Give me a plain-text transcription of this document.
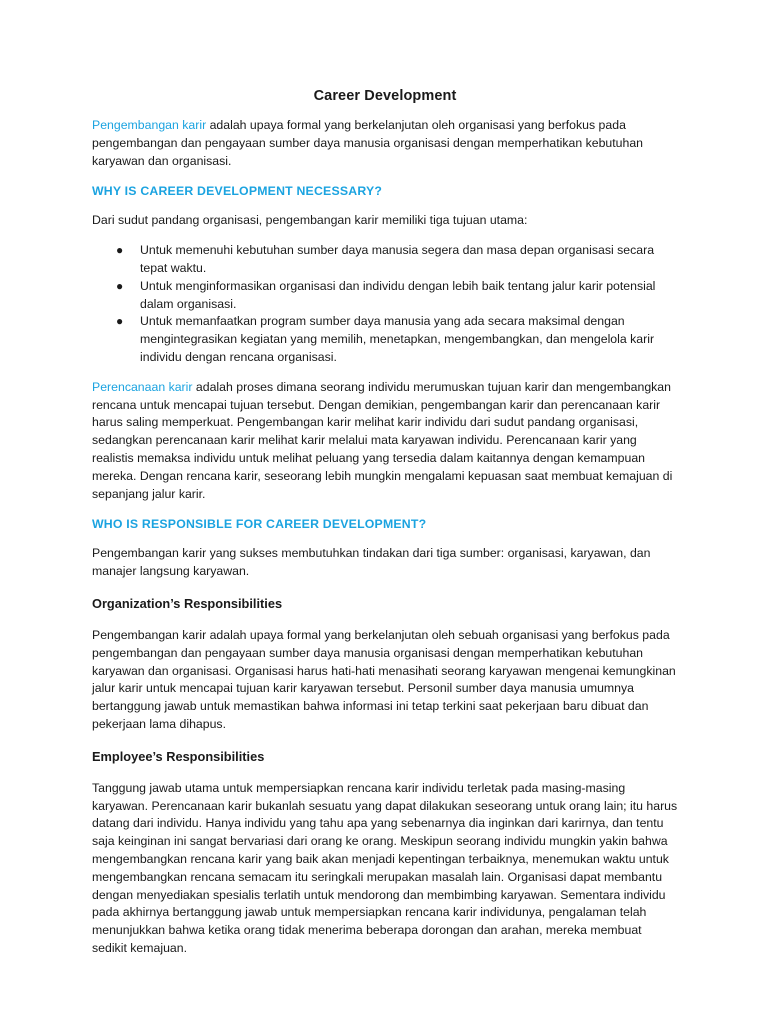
Career Development

Pengembangan karir adalah upaya formal yang berkelanjutan oleh organisasi yang berfokus pada pengembangan dan pengayaan sumber daya manusia organisasi dengan memperhatikan kebutuhan karyawan dan organisasi.

WHY IS CAREER DEVELOPMENT NECESSARY?

Dari sudut pandang organisasi, pengembangan karir memiliki tiga tujuan utama:

● Untuk memenuhi kebutuhan sumber daya manusia segera dan masa depan organisasi secara tepat waktu.
● Untuk menginformasikan organisasi dan individu dengan lebih baik tentang jalur karir potensial dalam organisasi.
● Untuk memanfaatkan program sumber daya manusia yang ada secara maksimal dengan mengintegrasikan kegiatan yang memilih, menetapkan, mengembangkan, dan mengelola karir individu dengan rencana organisasi.

Perencanaan karir adalah proses dimana seorang individu merumuskan tujuan karir dan mengembangkan rencana untuk mencapai tujuan tersebut. Dengan demikian, pengembangan karir dan perencanaan karir harus saling memperkuat. Pengembangan karir melihat karir individu dari sudut pandang organisasi, sedangkan perencanaan karir melihat karir melalui mata karyawan individu. Perencanaan karir yang realistis memaksa individu untuk melihat peluang yang tersedia dalam kaitannya dengan kemampuan mereka. Dengan rencana karir, seseorang lebih mungkin mengalami kepuasan saat membuat kemajuan di sepanjang jalur karir.

WHO IS RESPONSIBLE FOR CAREER DEVELOPMENT?

Pengembangan karir yang sukses membutuhkan tindakan dari tiga sumber: organisasi, karyawan, dan manajer langsung karyawan.

Organization’s Responsibilities

Pengembangan karir adalah upaya formal yang berkelanjutan oleh sebuah organisasi yang berfokus pada pengembangan dan pengayaan sumber daya manusia organisasi dengan memperhatikan kebutuhan karyawan dan organisasi. Organisasi harus hati-hati menasihati seorang karyawan mengenai kemungkinan jalur karir untuk mencapai tujuan karir karyawan tersebut. Personil sumber daya manusia umumnya bertanggung jawab untuk memastikan bahwa informasi ini tetap terkini saat pekerjaan baru dibuat dan pekerjaan lama dihapus.

Employee’s Responsibilities

Tanggung jawab utama untuk mempersiapkan rencana karir individu terletak pada masing-masing karyawan. Perencanaan karir bukanlah sesuatu yang dapat dilakukan seseorang untuk orang lain; itu harus datang dari individu. Hanya individu yang tahu apa yang sebenarnya dia inginkan dari karirnya, dan tentu saja keinginan ini sangat bervariasi dari orang ke orang. Meskipun seorang individu mungkin yakin bahwa mengembangkan rencana karir yang baik akan menjadi kepentingan terbaiknya, menemukan waktu untuk mengembangkan rencana semacam itu seringkali merupakan masalah lain. Organisasi dapat membantu dengan menyediakan spesialis terlatih untuk mendorong dan membimbing karyawan. Sementara individu pada akhirnya bertanggung jawab untuk mempersiapkan rencana karir individunya, pengalaman telah menunjukkan bahwa ketika orang tidak menerima beberapa dorongan dan arahan, mereka membuat sedikit kemajuan.
